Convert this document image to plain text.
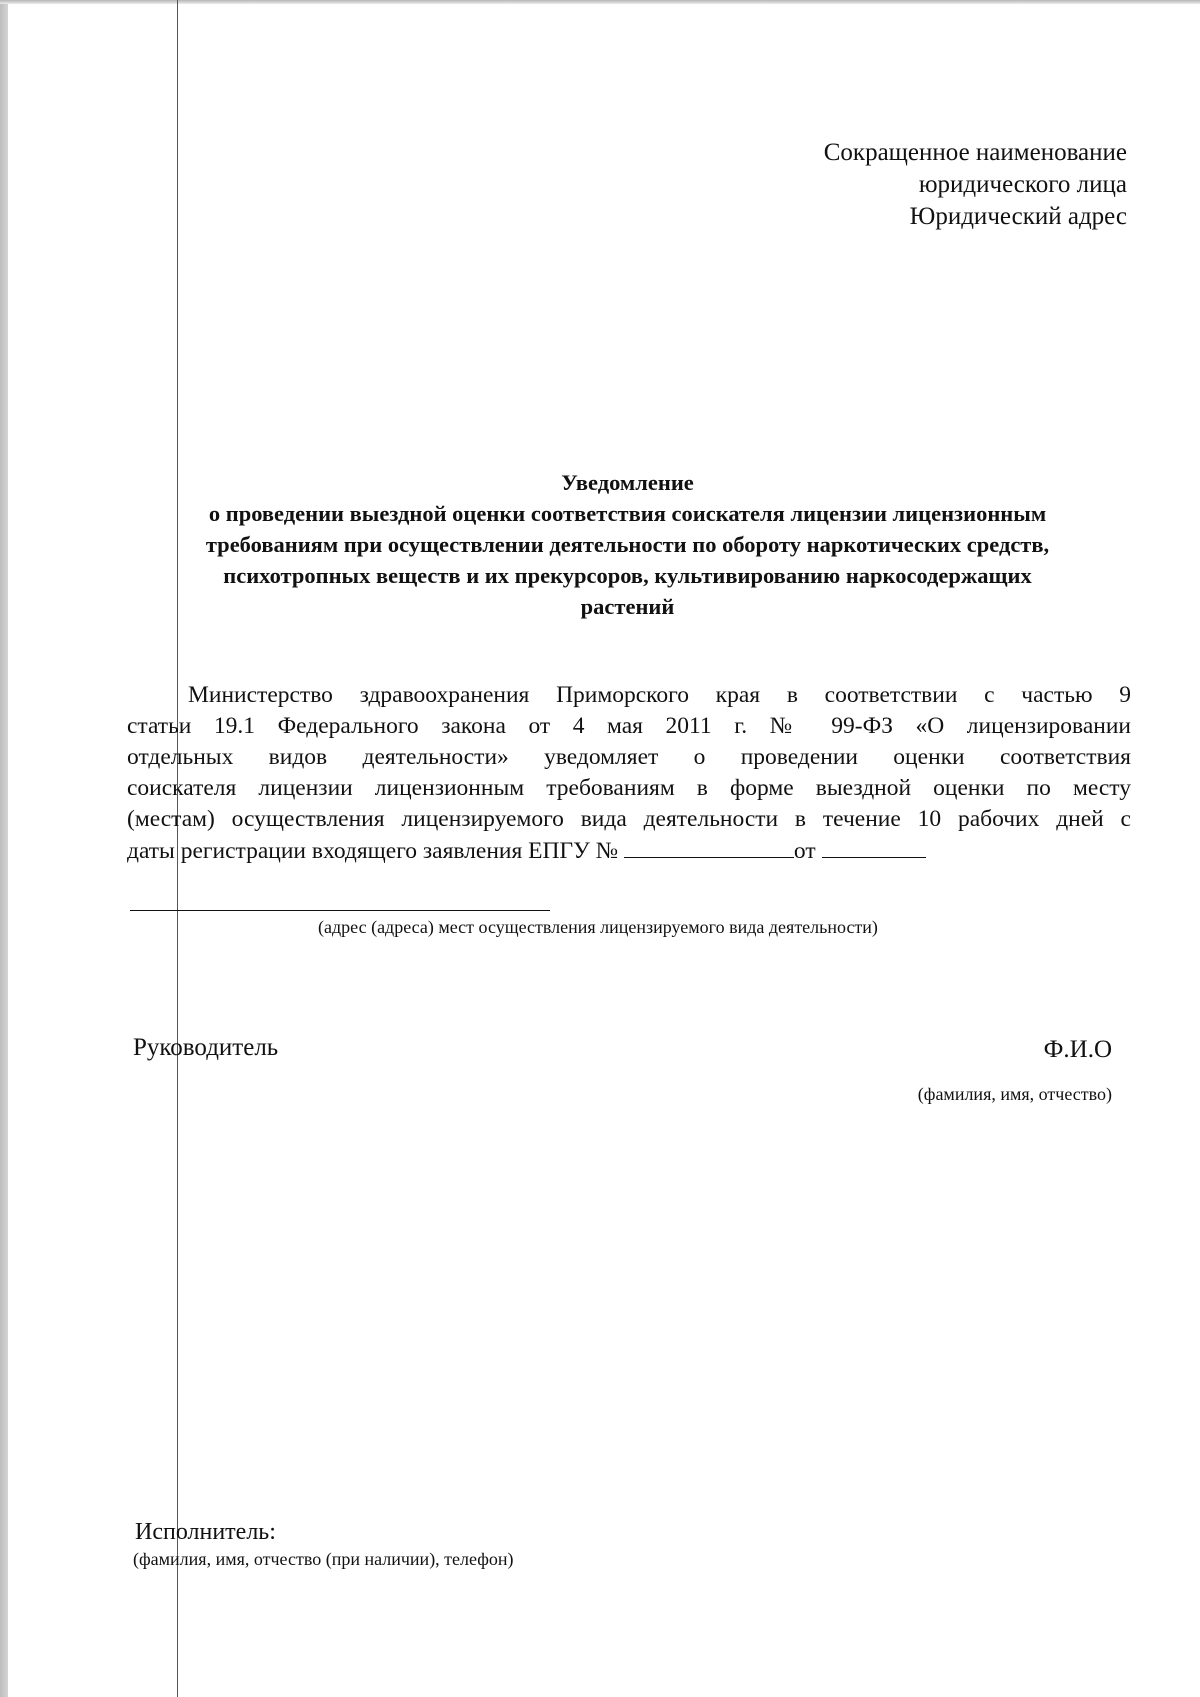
Сокращенное наименование
юридического лица
Юридический адрес
Уведомление
о проведении выездной оценки соответствия соискателя лицензии лицензионным
требованиям при осуществлении деятельности по обороту наркотических средств,
психотропных веществ и их прекурсоров, культивированию наркосодержащих
растений
Министерство здравоохранения Приморского края в соответствии с частью 9
статьи 19.1 Федерального закона от 4 мая 2011 г. № 99-ФЗ «О лицензировании
отдельных видов деятельности» уведомляет о проведении оценки соответствия
соискателя лицензии лицензионным требованиям в форме выездной оценки по месту
(местам) осуществления лицензируемого вида деятельности в течение 10 рабочих дней с
даты регистрации входящего заявления ЕПГУ №	от
(адрес (адреса) мест осуществления лицензируемого вида деятельности)
Руководитель	Ф.И.О
(фамилия, имя, отчество)
Исполнитель:
(фамилия, имя, отчество (при наличии), телефон)
